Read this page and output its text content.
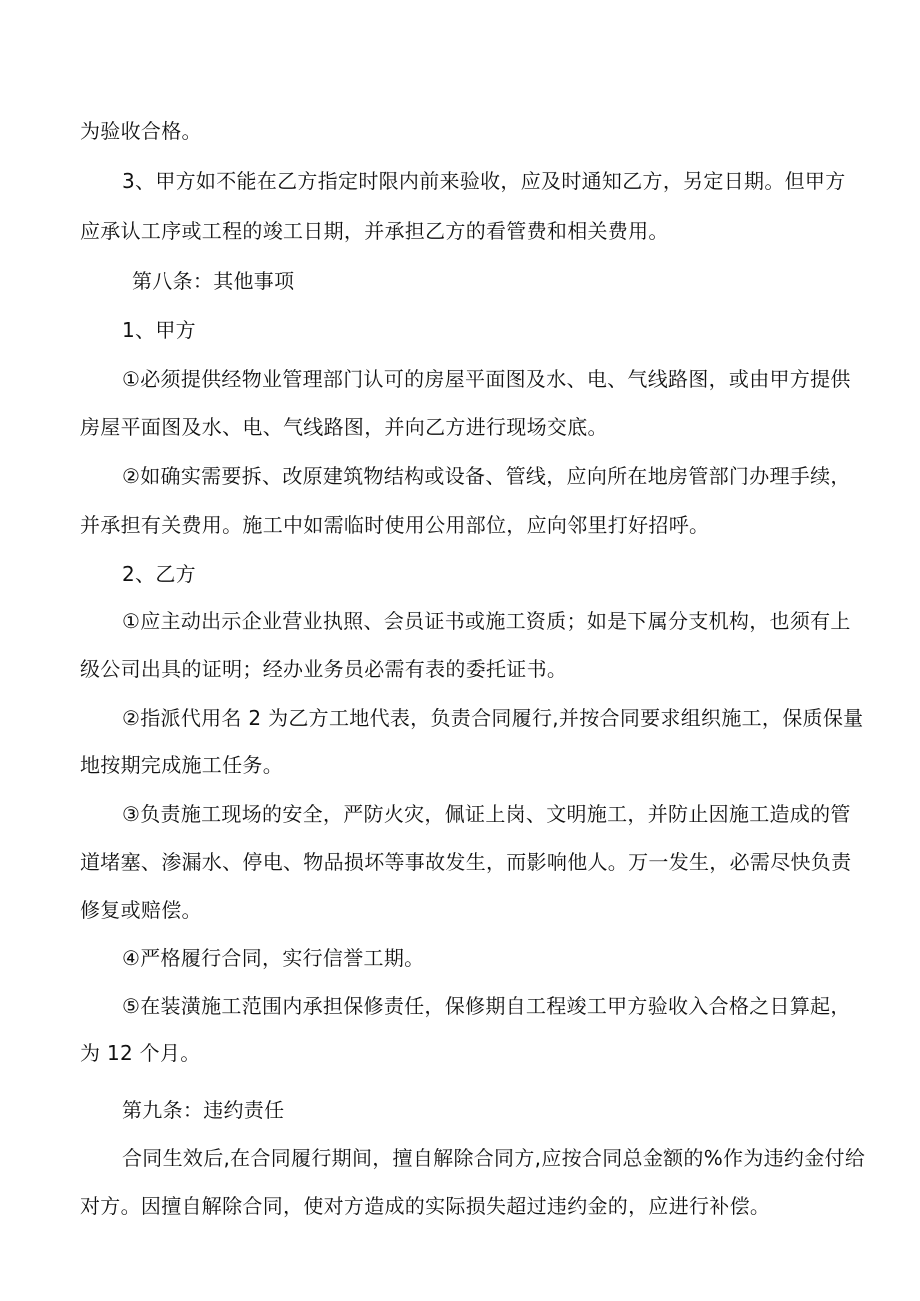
为验收合格。
3、甲方如不能在乙方指定时限内前来验收，应及时通知乙方，另定日期。但甲方
应承认工序或工程的竣工日期，并承担乙方的看管费和相关费用。
第八条：其他事项
1、甲方
①必须提供经物业管理部门认可的房屋平面图及水、电、气线路图，或由甲方提供
房屋平面图及水、电、气线路图，并向乙方进行现场交底。
②如确实需要拆、改原建筑物结构或设备、管线，应向所在地房管部门办理手续，
并承担有关费用。施工中如需临时使用公用部位，应向邻里打好招呼。
2、乙方
①应主动出示企业营业执照、会员证书或施工资质；如是下属分支机构，也须有上
级公司出具的证明；经办业务员必需有表的委托证书。
②指派代用名 2 为乙方工地代表，负责合同履行,并按合同要求组织施工，保质保量
地按期完成施工任务。
③负责施工现场的安全，严防火灾，佩证上岗、文明施工，并防止因施工造成的管
道堵塞、渗漏水、停电、物品损坏等事故发生，而影响他人。万一发生，必需尽快负责
修复或赔偿。
④严格履行合同，实行信誉工期。
⑤在装潢施工范围内承担保修责任，保修期自工程竣工甲方验收入合格之日算起，
为 12 个月。
第九条：违约责任
合同生效后,在合同履行期间，擅自解除合同方,应按合同总金额的%作为违约金付给
对方。因擅自解除合同，使对方造成的实际损失超过违约金的，应进行补偿。
